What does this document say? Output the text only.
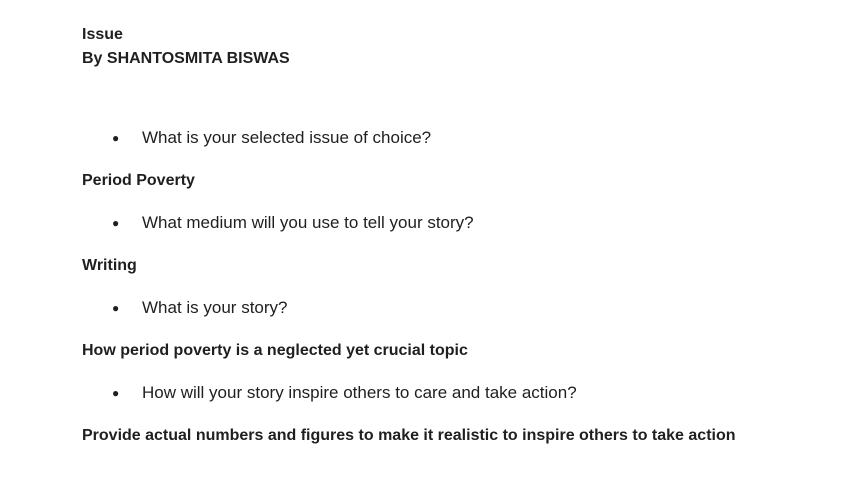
Issue
By SHANTOSMITA BISWAS
● What is your selected issue of choice?
Period Poverty
● What medium will you use to tell your story?
Writing
● What is your story?
How period poverty is a neglected yet crucial topic
● How will your story inspire others to care and take action?
Provide actual numbers and figures to make it realistic to inspire others to take action
